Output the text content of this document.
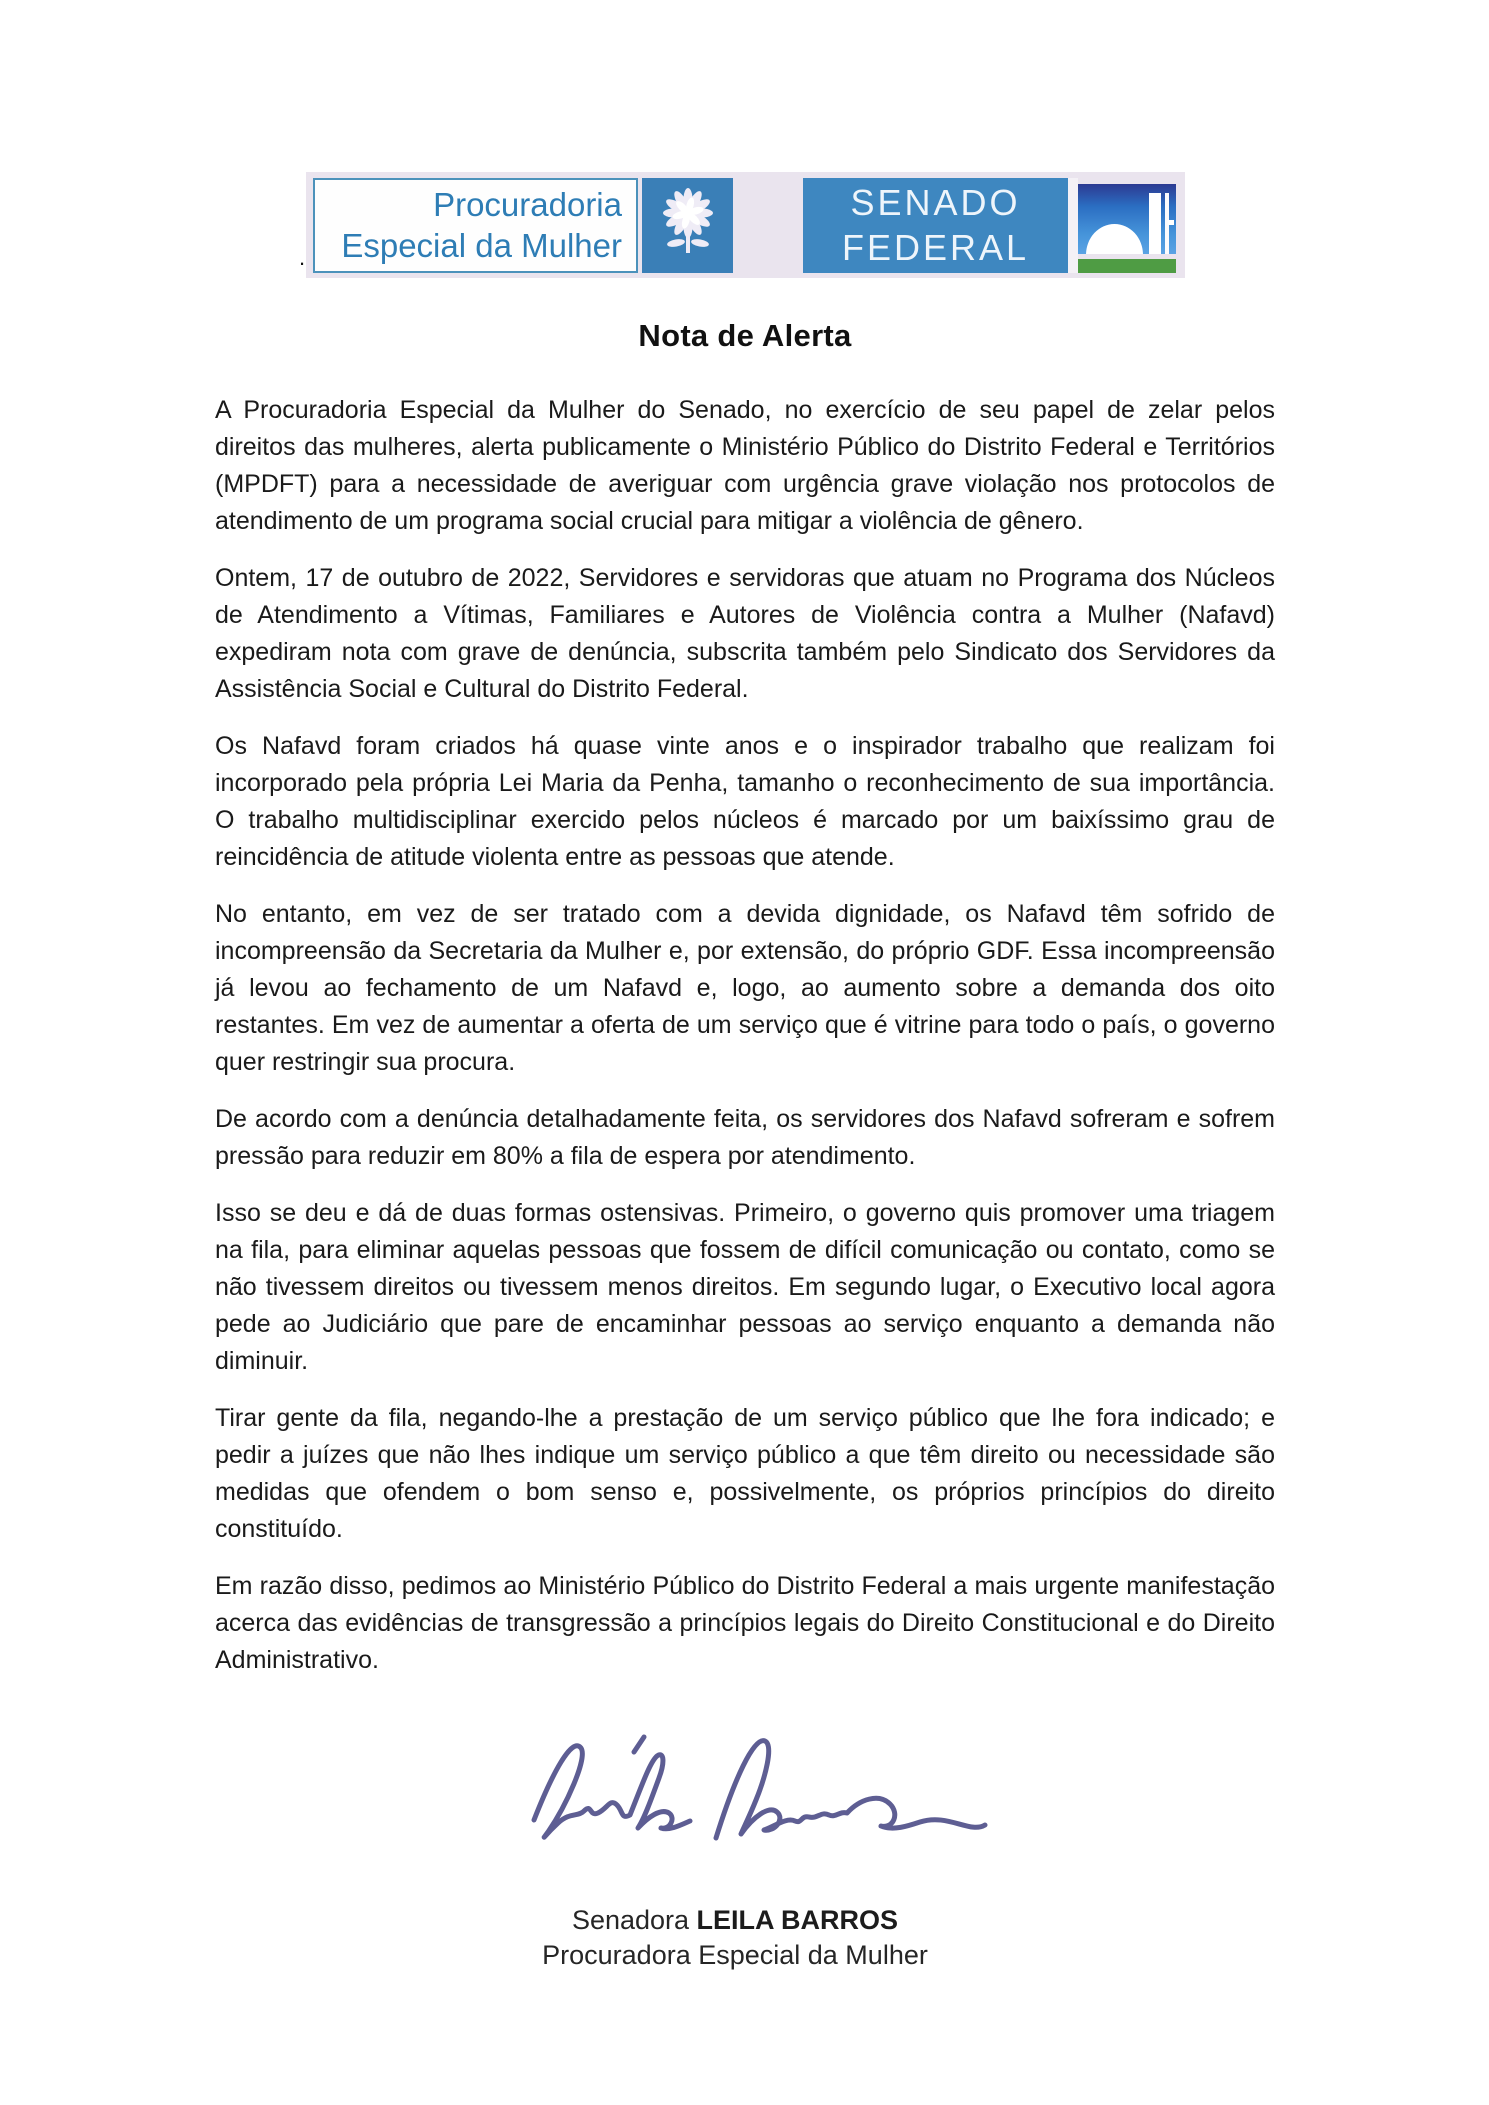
Procuradoria
Especial da Mulher
SENADO
FEDERAL
.
Nota de Alerta

A Procuradoria Especial da Mulher do Senado, no exercício de seu papel de zelar pelos direitos das mulheres, alerta publicamente o Ministério Público do Distrito Federal e Territórios (MPDFT) para a necessidade de averiguar com urgência grave violação nos protocolos de atendimento de um programa social crucial para mitigar a violência de gênero.

Ontem, 17 de outubro de 2022, Servidores e servidoras que atuam no Programa dos Núcleos de Atendimento a Vítimas, Familiares e Autores de Violência contra a Mulher (Nafavd) expediram nota com grave de denúncia, subscrita também pelo Sindicato dos Servidores da Assistência Social e Cultural do Distrito Federal.

Os Nafavd foram criados há quase vinte anos e o inspirador trabalho que realizam foi incorporado pela própria Lei Maria da Penha, tamanho o reconhecimento de sua importância. O trabalho multidisciplinar exercido pelos núcleos é marcado por um baixíssimo grau de reincidência de atitude violenta entre as pessoas que atende.

No entanto, em vez de ser tratado com a devida dignidade, os Nafavd têm sofrido de incompreensão da Secretaria da Mulher e, por extensão, do próprio GDF. Essa incompreensão já levou ao fechamento de um Nafavd e, logo, ao aumento sobre a demanda dos oito restantes. Em vez de aumentar a oferta de um serviço que é vitrine para todo o país, o governo quer restringir sua procura.

De acordo com a denúncia detalhadamente feita, os servidores dos Nafavd sofreram e sofrem pressão para reduzir em 80% a fila de espera por atendimento.

Isso se deu e dá de duas formas ostensivas. Primeiro, o governo quis promover uma triagem na fila, para eliminar aquelas pessoas que fossem de difícil comunicação ou contato, como se não tivessem direitos ou tivessem menos direitos. Em segundo lugar, o Executivo local agora pede ao Judiciário que pare de encaminhar pessoas ao serviço enquanto a demanda não diminuir.

Tirar gente da fila, negando-lhe a prestação de um serviço público que lhe fora indicado; e pedir a juízes que não lhes indique um serviço público a que têm direito ou necessidade são medidas que ofendem o bom senso e, possivelmente, os próprios princípios do direito constituído.

Em razão disso, pedimos ao Ministério Público do Distrito Federal a mais urgente manifestação acerca das evidências de transgressão a princípios legais do Direito Constitucional e do Direito Administrativo.

Senadora LEILA BARROS
Procuradora Especial da Mulher
